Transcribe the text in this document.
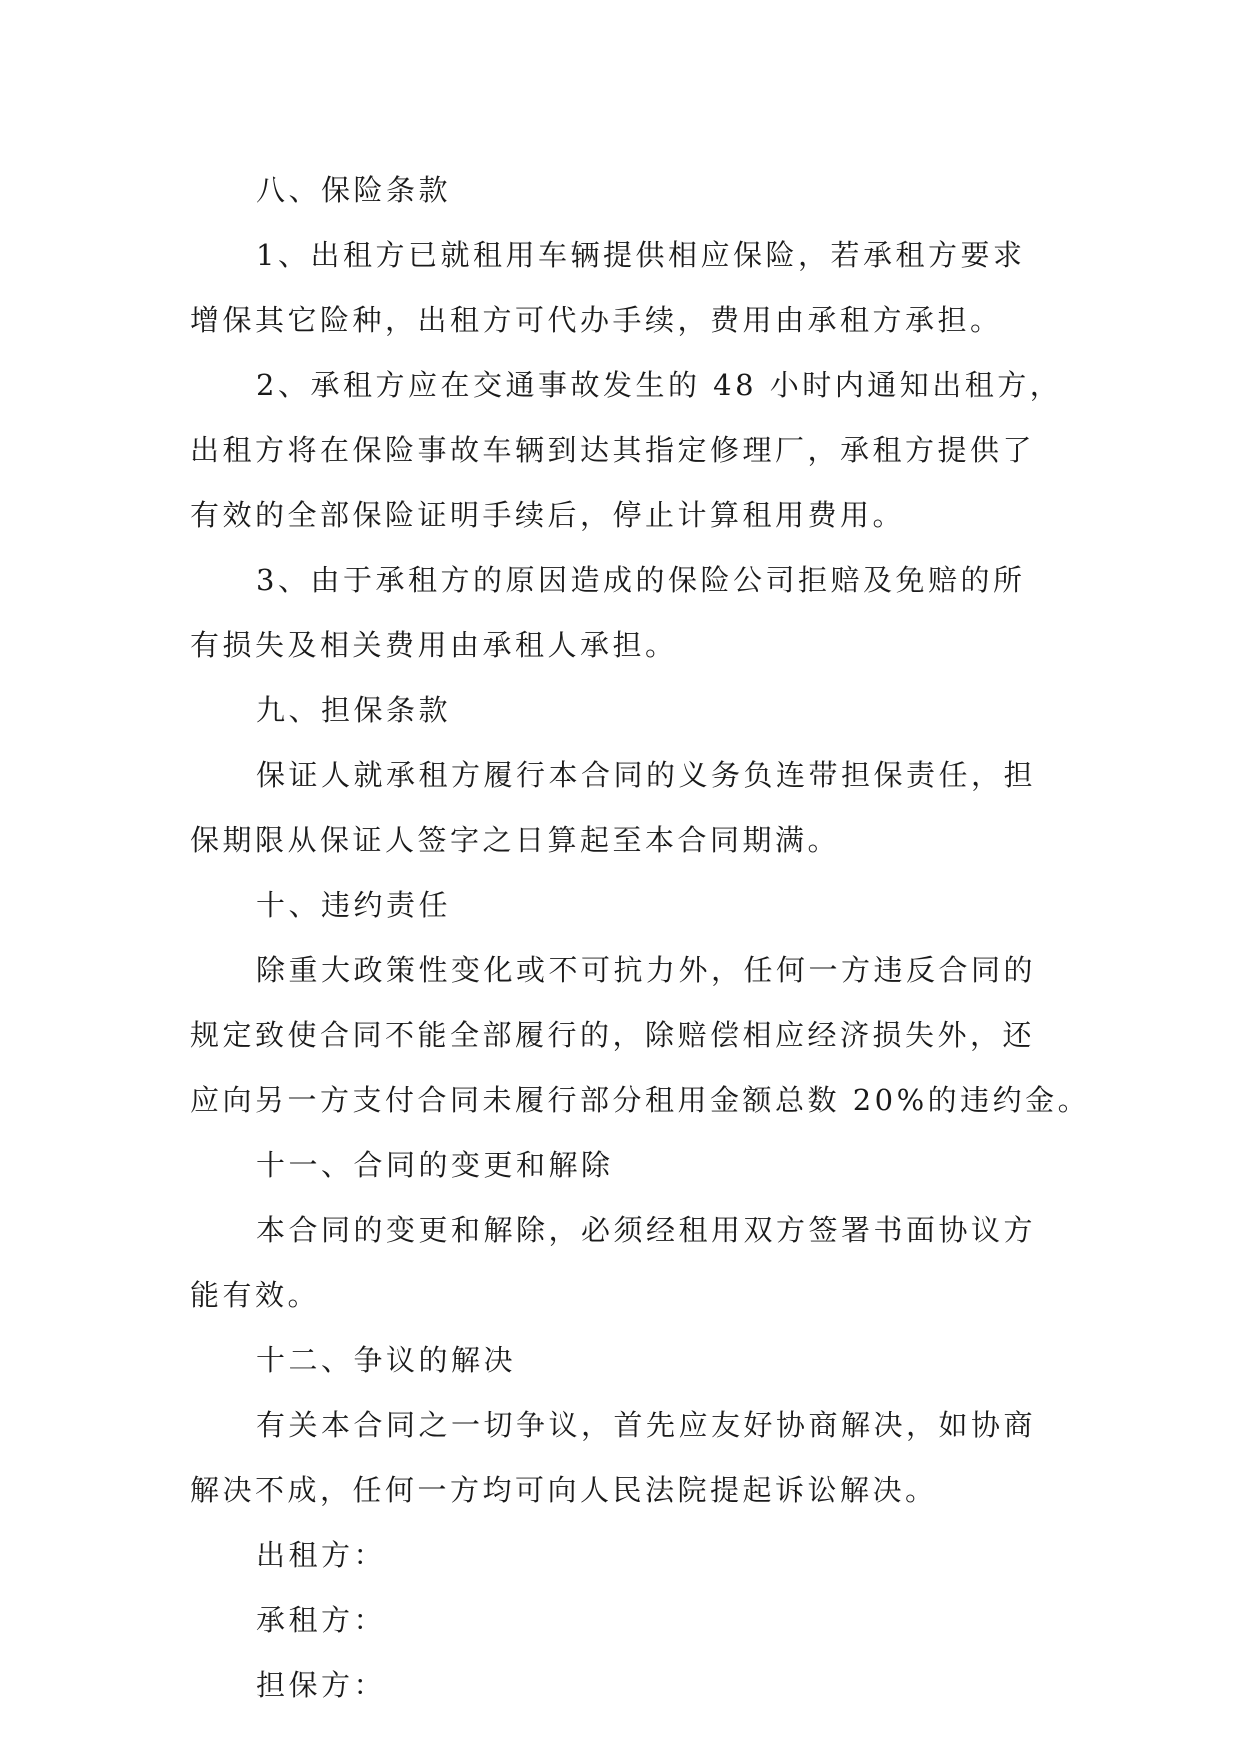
八、保险条款
1、出租方已就租用车辆提供相应保险，若承租方要求
增保其它险种，出租方可代办手续，费用由承租方承担。
2、承租方应在交通事故发生的 48 小时内通知出租方，
出租方将在保险事故车辆到达其指定修理厂，承租方提供了
有效的全部保险证明手续后，停止计算租用费用。
3、由于承租方的原因造成的保险公司拒赔及免赔的所
有损失及相关费用由承租人承担。
九、担保条款
保证人就承租方履行本合同的义务负连带担保责任，担
保期限从保证人签字之日算起至本合同期满。
十、违约责任
除重大政策性变化或不可抗力外，任何一方违反合同的
规定致使合同不能全部履行的，除赔偿相应经济损失外，还
应向另一方支付合同未履行部分租用金额总数 20%的违约金。
十一、合同的变更和解除
本合同的变更和解除，必须经租用双方签署书面协议方
能有效。
十二、争议的解决
有关本合同之一切争议，首先应友好协商解决，如协商
解决不成，任何一方均可向人民法院提起诉讼解决。
出租方：
承租方：
担保方：
